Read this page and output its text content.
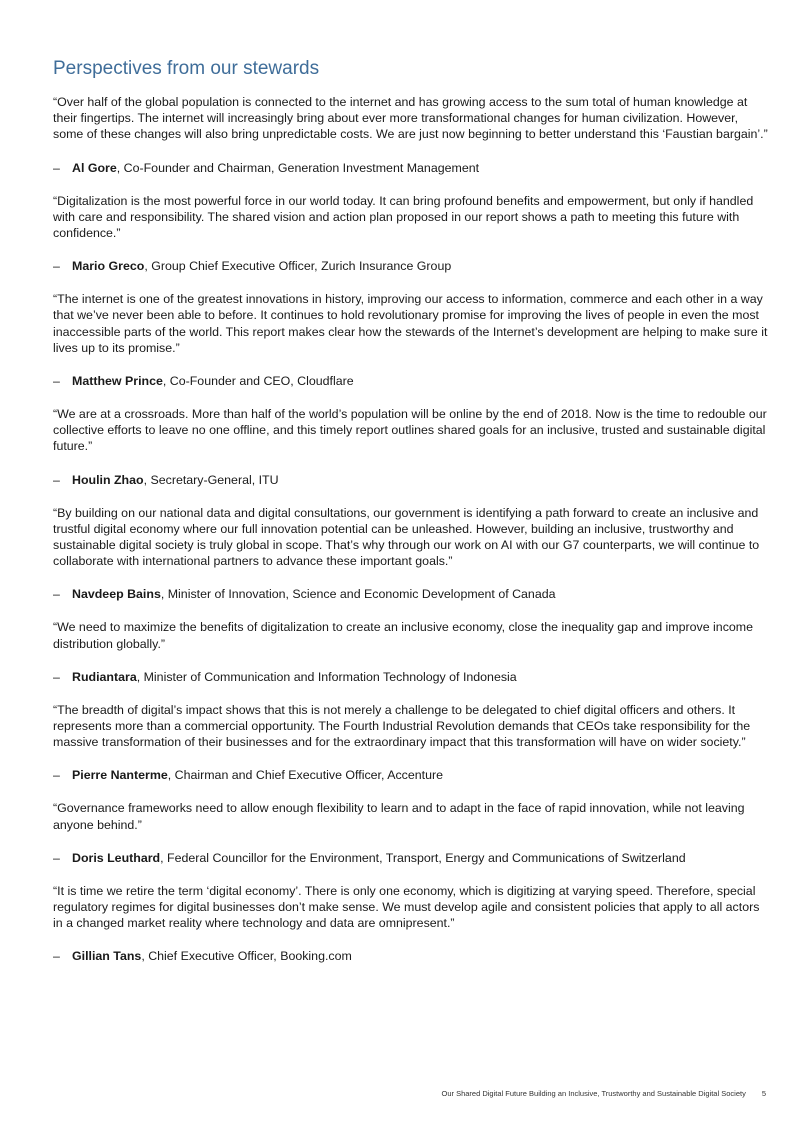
Perspectives from our stewards

“Over half of the global population is connected to the internet and has growing access to the sum total of human knowledge at their fingertips. The internet will increasingly bring about ever more transformational changes for human civilization. However, some of these changes will also bring unpredictable costs. We are just now beginning to better understand this ‘Faustian bargain’.”

– Al Gore, Co-Founder and Chairman, Generation Investment Management

“Digitalization is the most powerful force in our world today. It can bring profound benefits and empowerment, but only if handled with care and responsibility. The shared vision and action plan proposed in our report shows a path to meeting this future with confidence.”

– Mario Greco, Group Chief Executive Officer, Zurich Insurance Group

“The internet is one of the greatest innovations in history, improving our access to information, commerce and each other in a way that we’ve never been able to before. It continues to hold revolutionary promise for improving the lives of people in even the most inaccessible parts of the world. This report makes clear how the stewards of the Internet’s development are helping to make sure it lives up to its promise.”

– Matthew Prince, Co-Founder and CEO, Cloudflare

“We are at a crossroads. More than half of the world’s population will be online by the end of 2018. Now is the time to redouble our collective efforts to leave no one offline, and this timely report outlines shared goals for an inclusive, trusted and sustainable digital future.”

– Houlin Zhao, Secretary-General, ITU

“By building on our national data and digital consultations, our government is identifying a path forward to create an inclusive and trustful digital economy where our full innovation potential can be unleashed. However, building an inclusive, trustworthy and sustainable digital society is truly global in scope. That’s why through our work on AI with our G7 counterparts, we will continue to collaborate with international partners to advance these important goals.”

– Navdeep Bains, Minister of Innovation, Science and Economic Development of Canada

“We need to maximize the benefits of digitalization to create an inclusive economy, close the inequality gap and improve income distribution globally.”

– Rudiantara, Minister of Communication and Information Technology of Indonesia

“The breadth of digital’s impact shows that this is not merely a challenge to be delegated to chief digital officers and others. It represents more than a commercial opportunity. The Fourth Industrial Revolution demands that CEOs take responsibility for the massive transformation of their businesses and for the extraordinary impact that this transformation will have on wider society.”

– Pierre Nanterme, Chairman and Chief Executive Officer, Accenture

“Governance frameworks need to allow enough flexibility to learn and to adapt in the face of rapid innovation, while not leaving anyone behind.”

– Doris Leuthard, Federal Councillor for the Environment, Transport, Energy and Communications of Switzerland

“It is time we retire the term ‘digital economy’. There is only one economy, which is digitizing at varying speed. Therefore, special regulatory regimes for digital businesses don’t make sense. We must develop agile and consistent policies that apply to all actors in a changed market reality where technology and data are omnipresent.”

– Gillian Tans, Chief Executive Officer, Booking.com

Our Shared Digital Future Building an Inclusive, Trustworthy and Sustainable Digital Society 5
